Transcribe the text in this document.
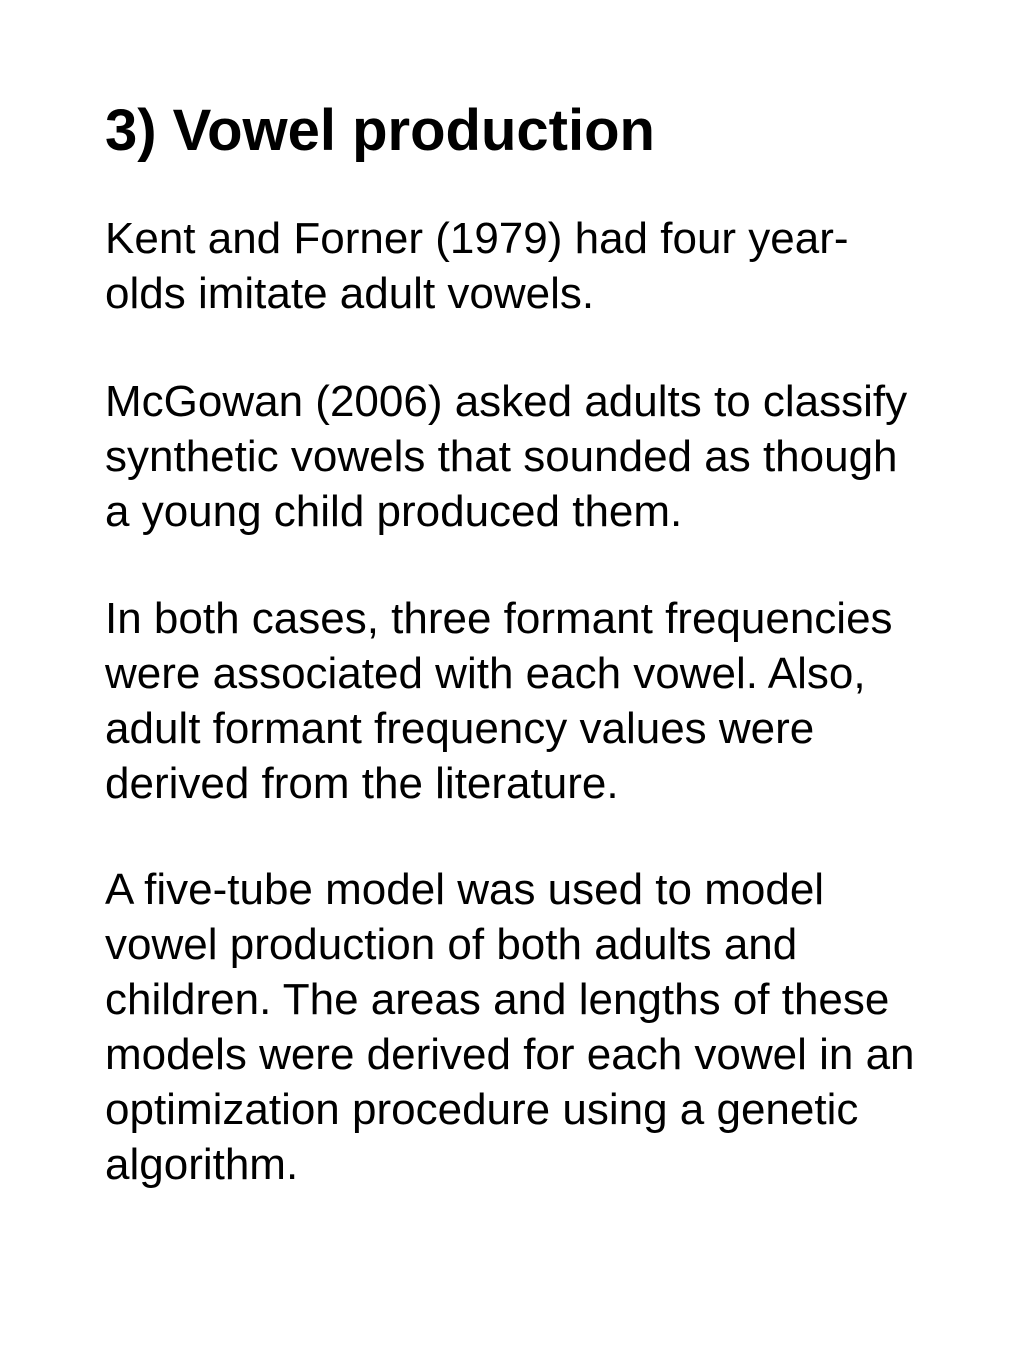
3) Vowel production

Kent and Forner (1979) had four year-
olds imitate adult vowels.

McGowan (2006) asked adults to classify
synthetic vowels that sounded as though
a young child produced them.

In both cases, three formant frequencies
were associated with each vowel. Also,
adult formant frequency values were
derived from the literature.

A five-tube model was used to model
vowel production of both adults and
children. The areas and lengths of these
models were derived for each vowel in an
optimization procedure using a genetic
algorithm.
